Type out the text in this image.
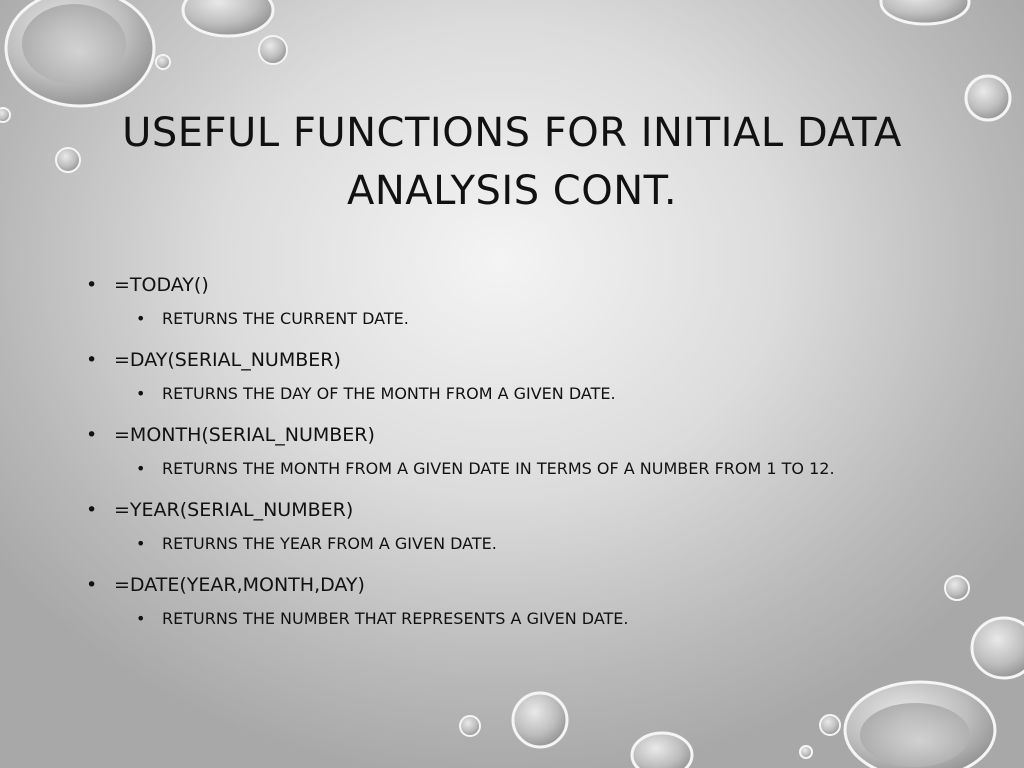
USEFUL FUNCTIONS FOR INITIAL DATA ANALYSIS CONT.
• =TODAY()
•	RETURNS THE CURRENT DATE.
• =DAY(SERIAL_NUMBER)
•	RETURNS THE DAY OF THE MONTH FROM A GIVEN DATE.
• =MONTH(SERIAL_NUMBER)
•	RETURNS THE MONTH FROM A GIVEN DATE IN TERMS OF A NUMBER FROM 1 TO 12.
• =YEAR(SERIAL_NUMBER)
•	RETURNS THE YEAR FROM A GIVEN DATE.
• =DATE(YEAR,MONTH,DAY)
•	RETURNS THE NUMBER THAT REPRESENTS A GIVEN DATE.
